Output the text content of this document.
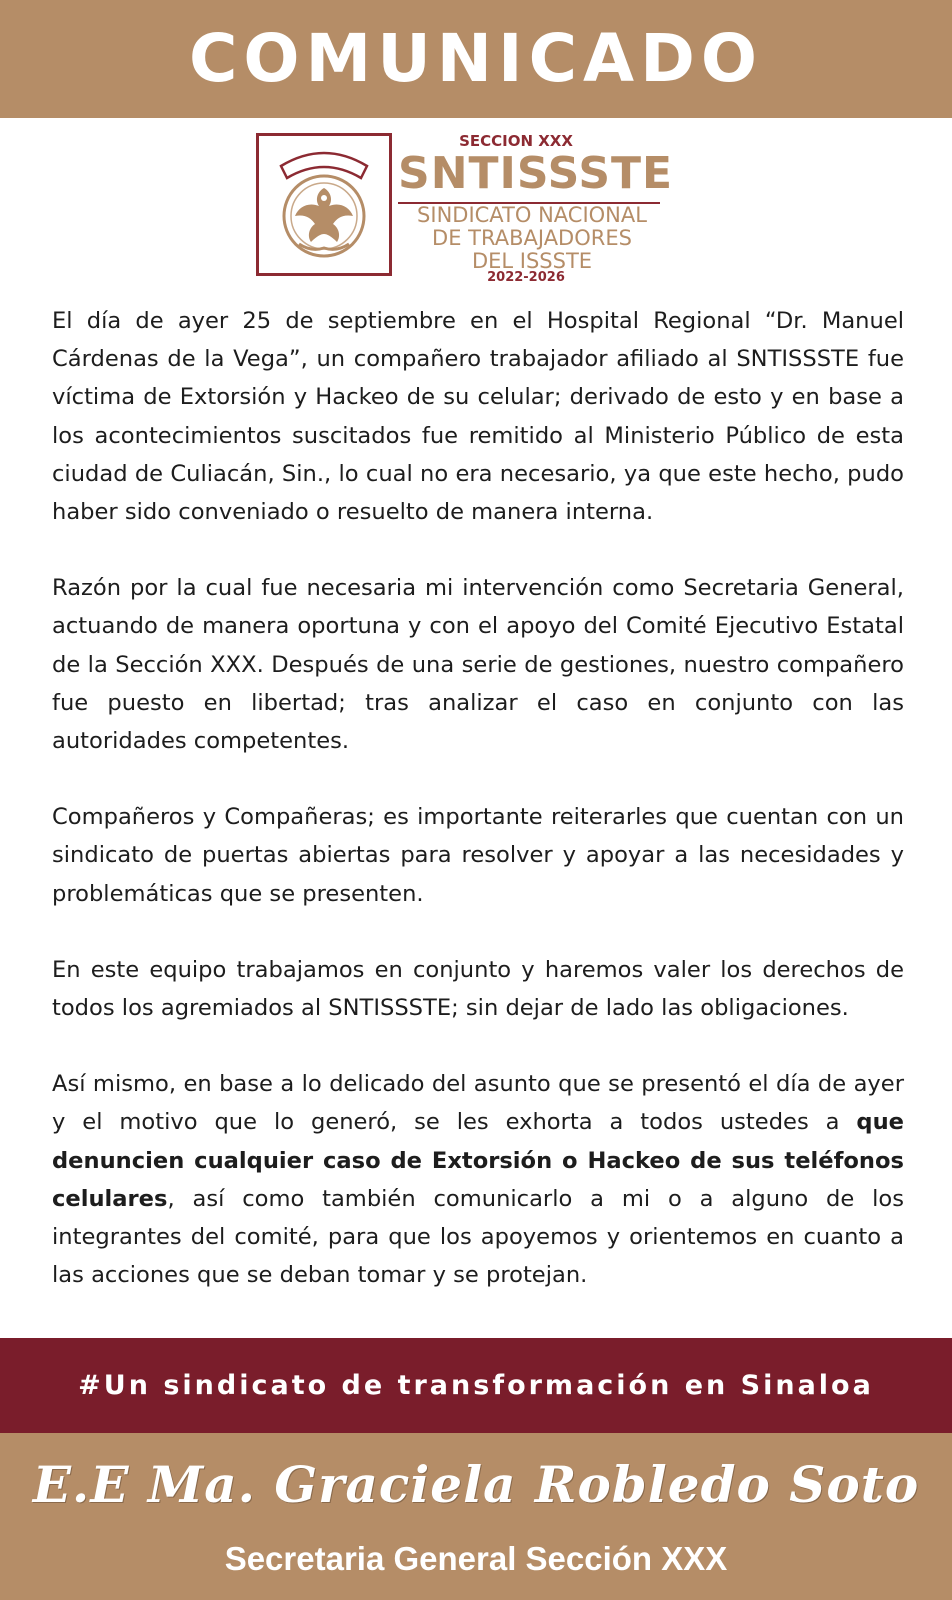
COMUNICADO
SECCION XXX
SNTISSSTE
SINDICATO NACIONAL
DE TRABAJADORES
DEL ISSSTE
2022-2026

El día de ayer 25 de septiembre en el Hospital Regional “Dr. Manuel Cárdenas de la Vega”, un compañero trabajador afiliado al SNTISSSTE fue víctima de Extorsión y Hackeo de su celular; derivado de esto y en base a los acontecimientos suscitados fue remitido al Ministerio Público de esta ciudad de Culiacán, Sin., lo cual no era necesario, ya que este hecho, pudo haber sido conveniado o resuelto de manera interna.

Razón por la cual fue necesaria mi intervención como Secretaria General, actuando de manera oportuna y con el apoyo del Comité Ejecutivo Estatal de la Sección XXX. Después de una serie de gestiones, nuestro compañero fue puesto en libertad; tras analizar el caso en conjunto con las autoridades competentes.

Compañeros y Compañeras; es importante reiterarles que cuentan con un sindicato de puertas abiertas para resolver y apoyar a las necesidades y problemáticas que se presenten.

En este equipo trabajamos en conjunto y haremos valer los derechos de todos los agremiados al SNTISSSTE; sin dejar de lado las obligaciones.

Así mismo, en base a lo delicado del asunto que se presentó el día de ayer y el motivo que lo generó, se les exhorta a todos ustedes a que denuncien cualquier caso de Extorsión o Hackeo de sus teléfonos celulares, así como también comunicarlo a mi o a alguno de los integrantes del comité, para que los apoyemos y orientemos en cuanto a las acciones que se deban tomar y se protejan.

#Un sindicato de transformación en Sinaloa
E.E Ma. Graciela Robledo Soto
Secretaria General Sección XXX
